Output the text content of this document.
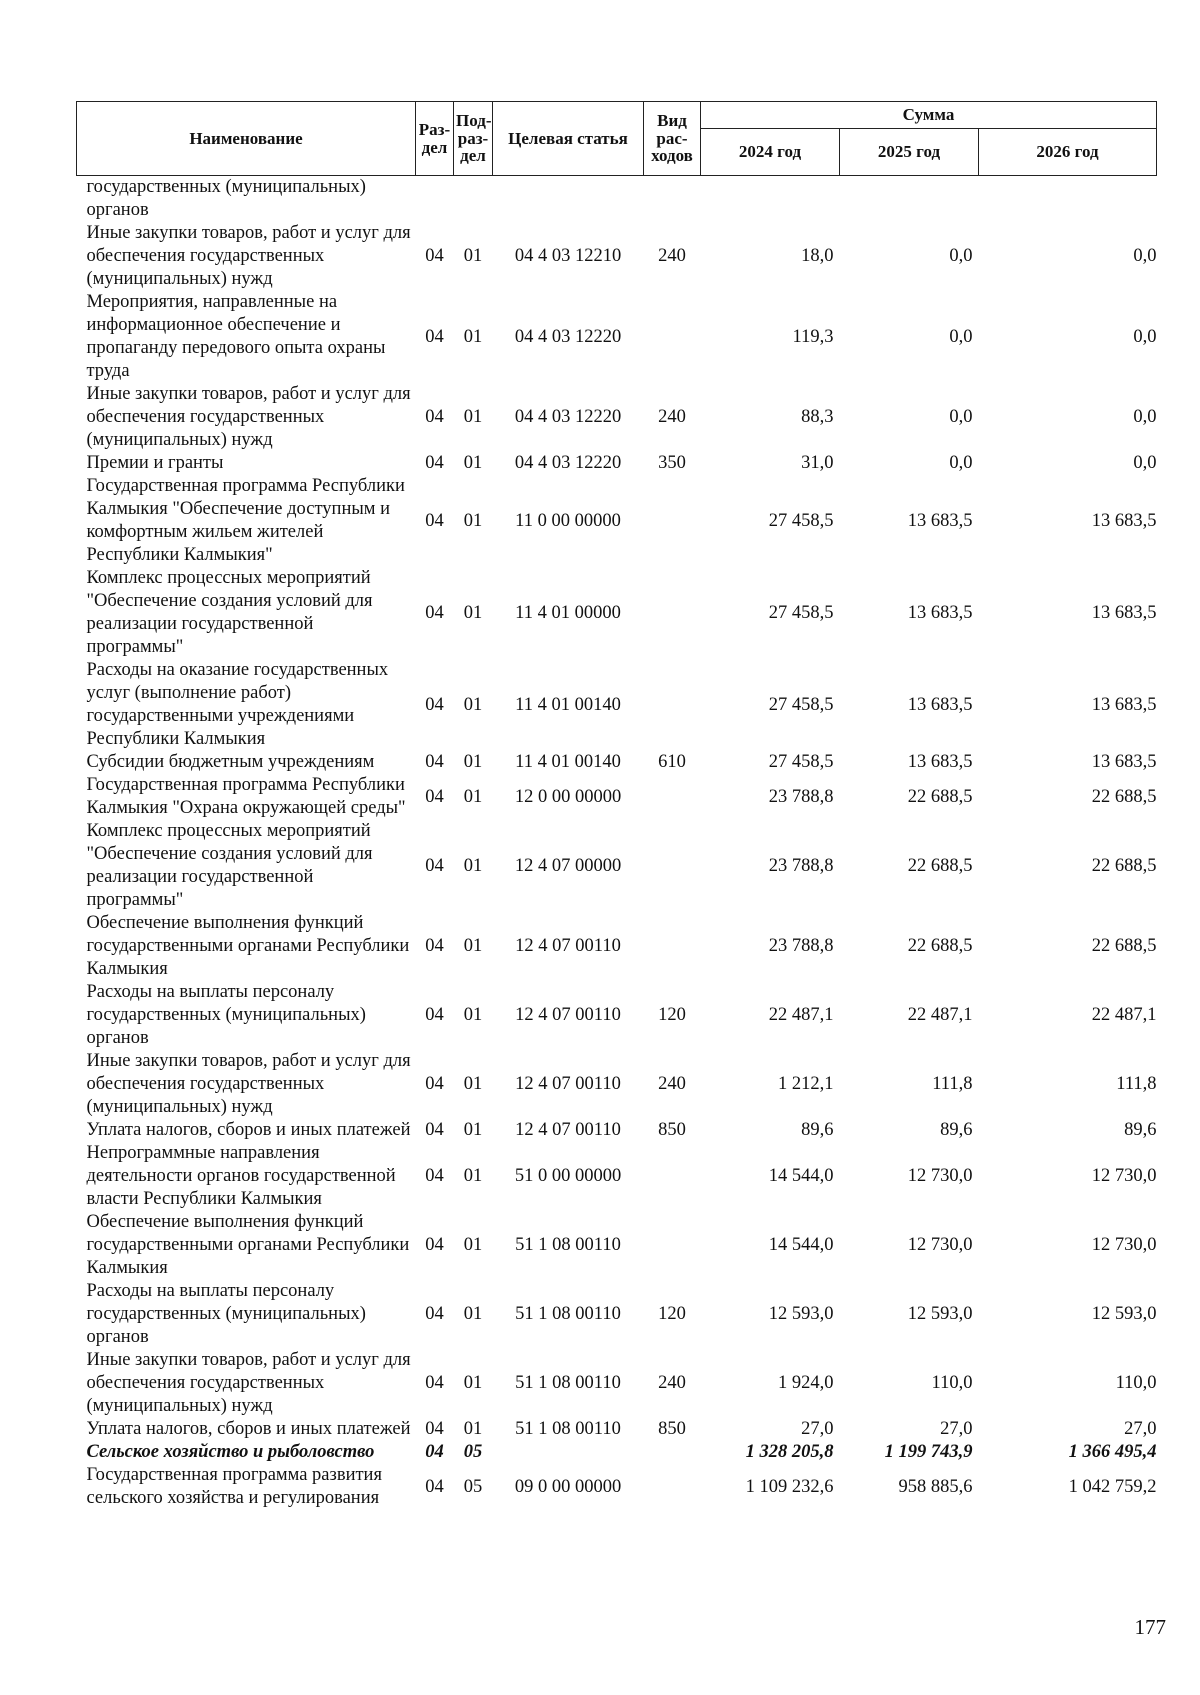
Наименование	Раз-дел	Под-раз-дел	Целевая статья	Вид рас-ходов	Сумма		
					2024 год	2025 год	2026 год
государственных (муниципальных) органов							
Иные закупки товаров, работ и услуг для обеспечения государственных (муниципальных) нужд	04	01	04 4 03 12210	240	18,0	0,0	0,0
Мероприятия, направленные на информационное обеспечение и пропаганду передового опыта охраны труда	04	01	04 4 03 12220		119,3	0,0	0,0
Иные закупки товаров, работ и услуг для обеспечения государственных (муниципальных) нужд	04	01	04 4 03 12220	240	88,3	0,0	0,0
Премии и гранты	04	01	04 4 03 12220	350	31,0	0,0	0,0
Государственная программа Республики Калмыкия "Обеспечение доступным и комфортным жильем жителей Республики Калмыкия"	04	01	11 0 00 00000		27 458,5	13 683,5	13 683,5
Комплекс процессных мероприятий "Обеспечение создания условий для реализации государственной программы"	04	01	11 4 01 00000		27 458,5	13 683,5	13 683,5
Расходы на оказание государственных услуг (выполнение работ) государственными учреждениями Республики Калмыкия	04	01	11 4 01 00140		27 458,5	13 683,5	13 683,5
Субсидии бюджетным учреждениям	04	01	11 4 01 00140	610	27 458,5	13 683,5	13 683,5
Государственная программа Республики Калмыкия "Охрана окружающей среды"	04	01	12 0 00 00000		23 788,8	22 688,5	22 688,5
Комплекс процессных мероприятий "Обеспечение создания условий для реализации государственной программы"	04	01	12 4 07 00000		23 788,8	22 688,5	22 688,5
Обеспечение выполнения функций государственными органами Республики Калмыкия	04	01	12 4 07 00110		23 788,8	22 688,5	22 688,5
Расходы на выплаты персоналу государственных (муниципальных) органов	04	01	12 4 07 00110	120	22 487,1	22 487,1	22 487,1
Иные закупки товаров, работ и услуг для обеспечения государственных (муниципальных) нужд	04	01	12 4 07 00110	240	1 212,1	111,8	111,8
Уплата налогов, сборов и иных платежей	04	01	12 4 07 00110	850	89,6	89,6	89,6
Непрограммные направления деятельности органов государственной власти Республики Калмыкия	04	01	51 0 00 00000		14 544,0	12 730,0	12 730,0
Обеспечение выполнения функций государственными органами Республики Калмыкия	04	01	51 1 08 00110		14 544,0	12 730,0	12 730,0
Расходы на выплаты персоналу государственных (муниципальных) органов	04	01	51 1 08 00110	120	12 593,0	12 593,0	12 593,0
Иные закупки товаров, работ и услуг для обеспечения государственных (муниципальных) нужд	04	01	51 1 08 00110	240	1 924,0	110,0	110,0
Уплата налогов, сборов и иных платежей	04	01	51 1 08 00110	850	27,0	27,0	27,0
Сельское хозяйство и рыболовство	04	05			1 328 205,8	1 199 743,9	1 366 495,4
Государственная программа развития сельского хозяйства и регулирования	04	05	09 0 00 00000		1 109 232,6	958 885,6	1 042 759,2
177
